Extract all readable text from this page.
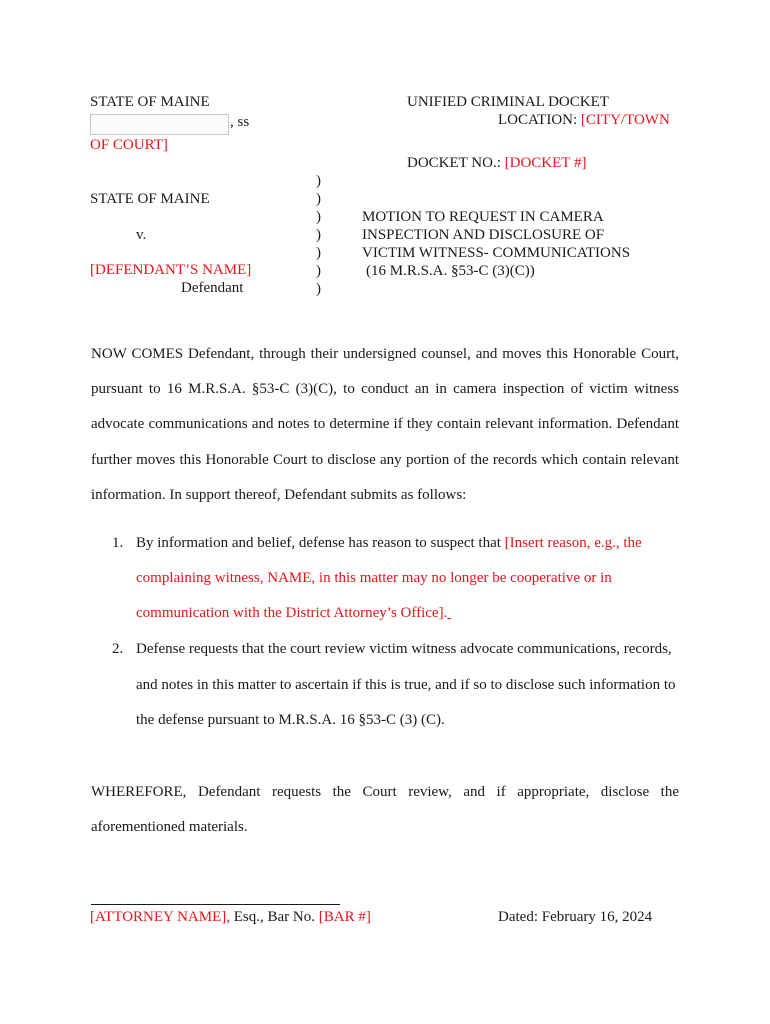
STATE OF MAINE
, ss
UNIFIED CRIMINAL DOCKET
LOCATION: [CITY/TOWN
OF COURT]
DOCKET NO.: [DOCKET #]
STATE OF MAINE
v.
[DEFENDANT’S NAME]
Defendant
)
)
)
)
)
)
)
MOTION TO REQUEST IN CAMERA
INSPECTION AND DISCLOSURE OF
VICTIM WITNESS- COMMUNICATIONS
(16 M.R.S.A. §53-C (3)(C))
NOW COMES Defendant, through their undersigned counsel, and moves this Honorable Court,
pursuant to 16 M.R.S.A. §53-C (3)(C), to conduct an in camera inspection of victim witness
advocate communications and notes to determine if they contain relevant information. Defendant
further moves this Honorable Court to disclose any portion of the records which contain relevant
information. In support thereof, Defendant submits as follows:
1. By information and belief, defense has reason to suspect that [Insert reason, e.g., the
complaining witness, NAME, in this matter may no longer be cooperative or in
communication with the District Attorney’s Office].
2. Defense requests that the court review victim witness advocate communications, records,
and notes in this matter to ascertain if this is true, and if so to disclose such information to
the defense pursuant to M.R.S.A. 16 §53-C (3) (C).
WHEREFORE, Defendant requests the Court review, and if appropriate, disclose the
aforementioned materials.
[ATTORNEY NAME], Esq., Bar No. [BAR #]	Dated: February 16, 2024
